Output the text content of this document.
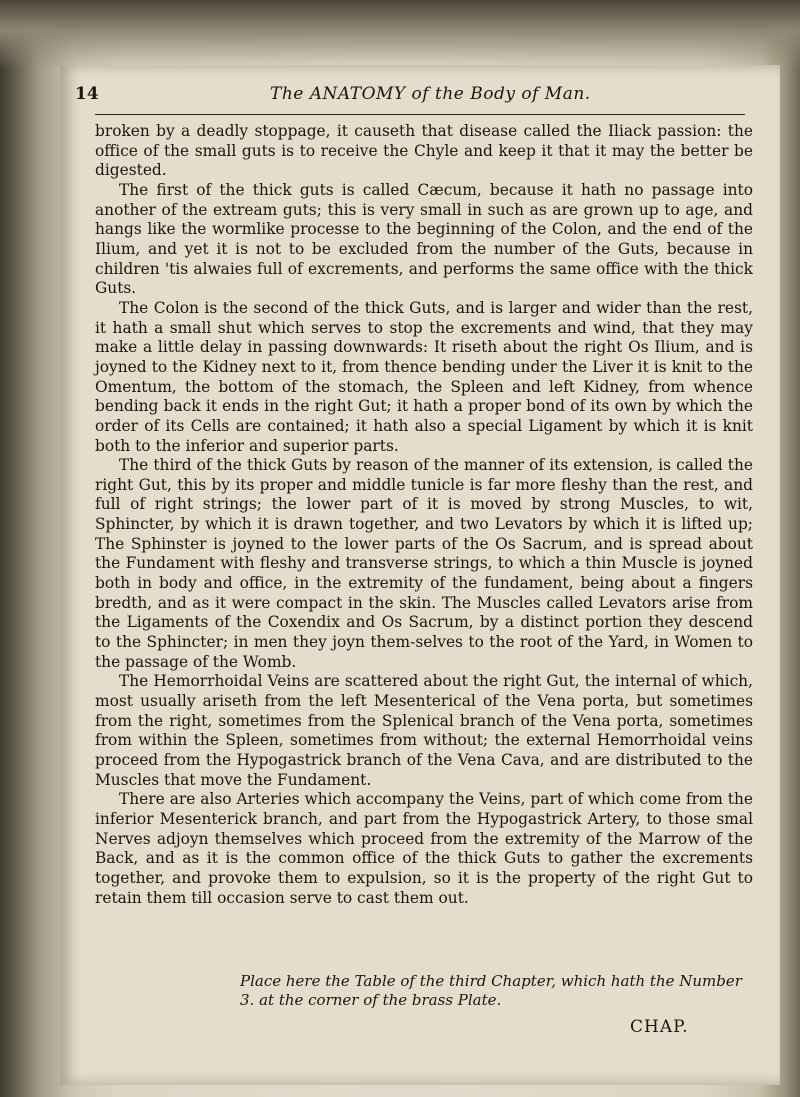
14	The ANATOMY of the Body of Man.

broken by a deadly stoppage, it causeth that disease called the Iliack passion: the office of the small guts is to receive the Chyle and keep it that it may the better be digested.

The first of the thick guts is called Cæcum, because it hath no passage into another of the extream guts; this is very small in such as are grown up to age, and hangs like the wormlike processe to the beginning of the Colon, and the end of the Ilium, and yet it is not to be excluded from the number of the Guts, because in children 'tis alwaies full of excrements, and performs the same office with the thick Guts.

The Colon is the second of the thick Guts, and is larger and wider than the rest, it hath a small shut which serves to stop the excrements and wind, that they may make a little delay in passing downwards: It riseth about the right Os Ilium, and is joyned to the Kidney next to it, from thence bending under the Liver it is knit to the Omentum, the bottom of the stomach, the Spleen and left Kidney, from whence bending back it ends in the right Gut; it hath a proper bond of its own by which the order of its Cells are contained; it hath also a special Ligament by which it is knit both to the inferior and superior parts.

The third of the thick Guts by reason of the manner of its extension, is called the right Gut, this by its proper and middle tunicle is far more fleshy than the rest, and full of right strings; the lower part of it is moved by strong Muscles, to wit, Sphincter, by which it is drawn together, and two Levators by which it is lifted up; The Sphinster is joyned to the lower parts of the Os Sacrum, and is spread about the Fundament with fleshy and transverse strings, to which a thin Muscle is joyned both in body and office, in the extremity of the fundament, being about a fingers bredth, and as it were compact in the skin. The Muscles called Levators arise from the Ligaments of the Coxendix and Os Sacrum, by a distinct portion they descend to the Sphincter; in men they joyn them-selves to the root of the Yard, in Women to the passage of the Womb.

The Hemorrhoidal Veins are scattered about the right Gut, the internal of which, most usually ariseth from the left Mesenterical of the Vena porta, but sometimes from the right, sometimes from the Splenical branch of the Vena porta, sometimes from within the Spleen, sometimes from without; the external Hemorrhoidal veins proceed from the Hypogastrick branch of the Vena Cava, and are distributed to the Muscles that move the Fundament.

There are also Arteries which accompany the Veins, part of which come from the inferior Mesenterick branch, and part from the Hypogastrick Artery, to those smal Nerves adjoyn themselves which proceed from the extremity of the Marrow of the Back, and as it is the common office of the thick Guts to gather the excrements together, and provoke them to expulsion, so it is the property of the right Gut to retain them till occasion serve to cast them out.

Place here the Table of the third Chapter, which hath the Number 3. at the corner of the brass Plate.
CHAP.
